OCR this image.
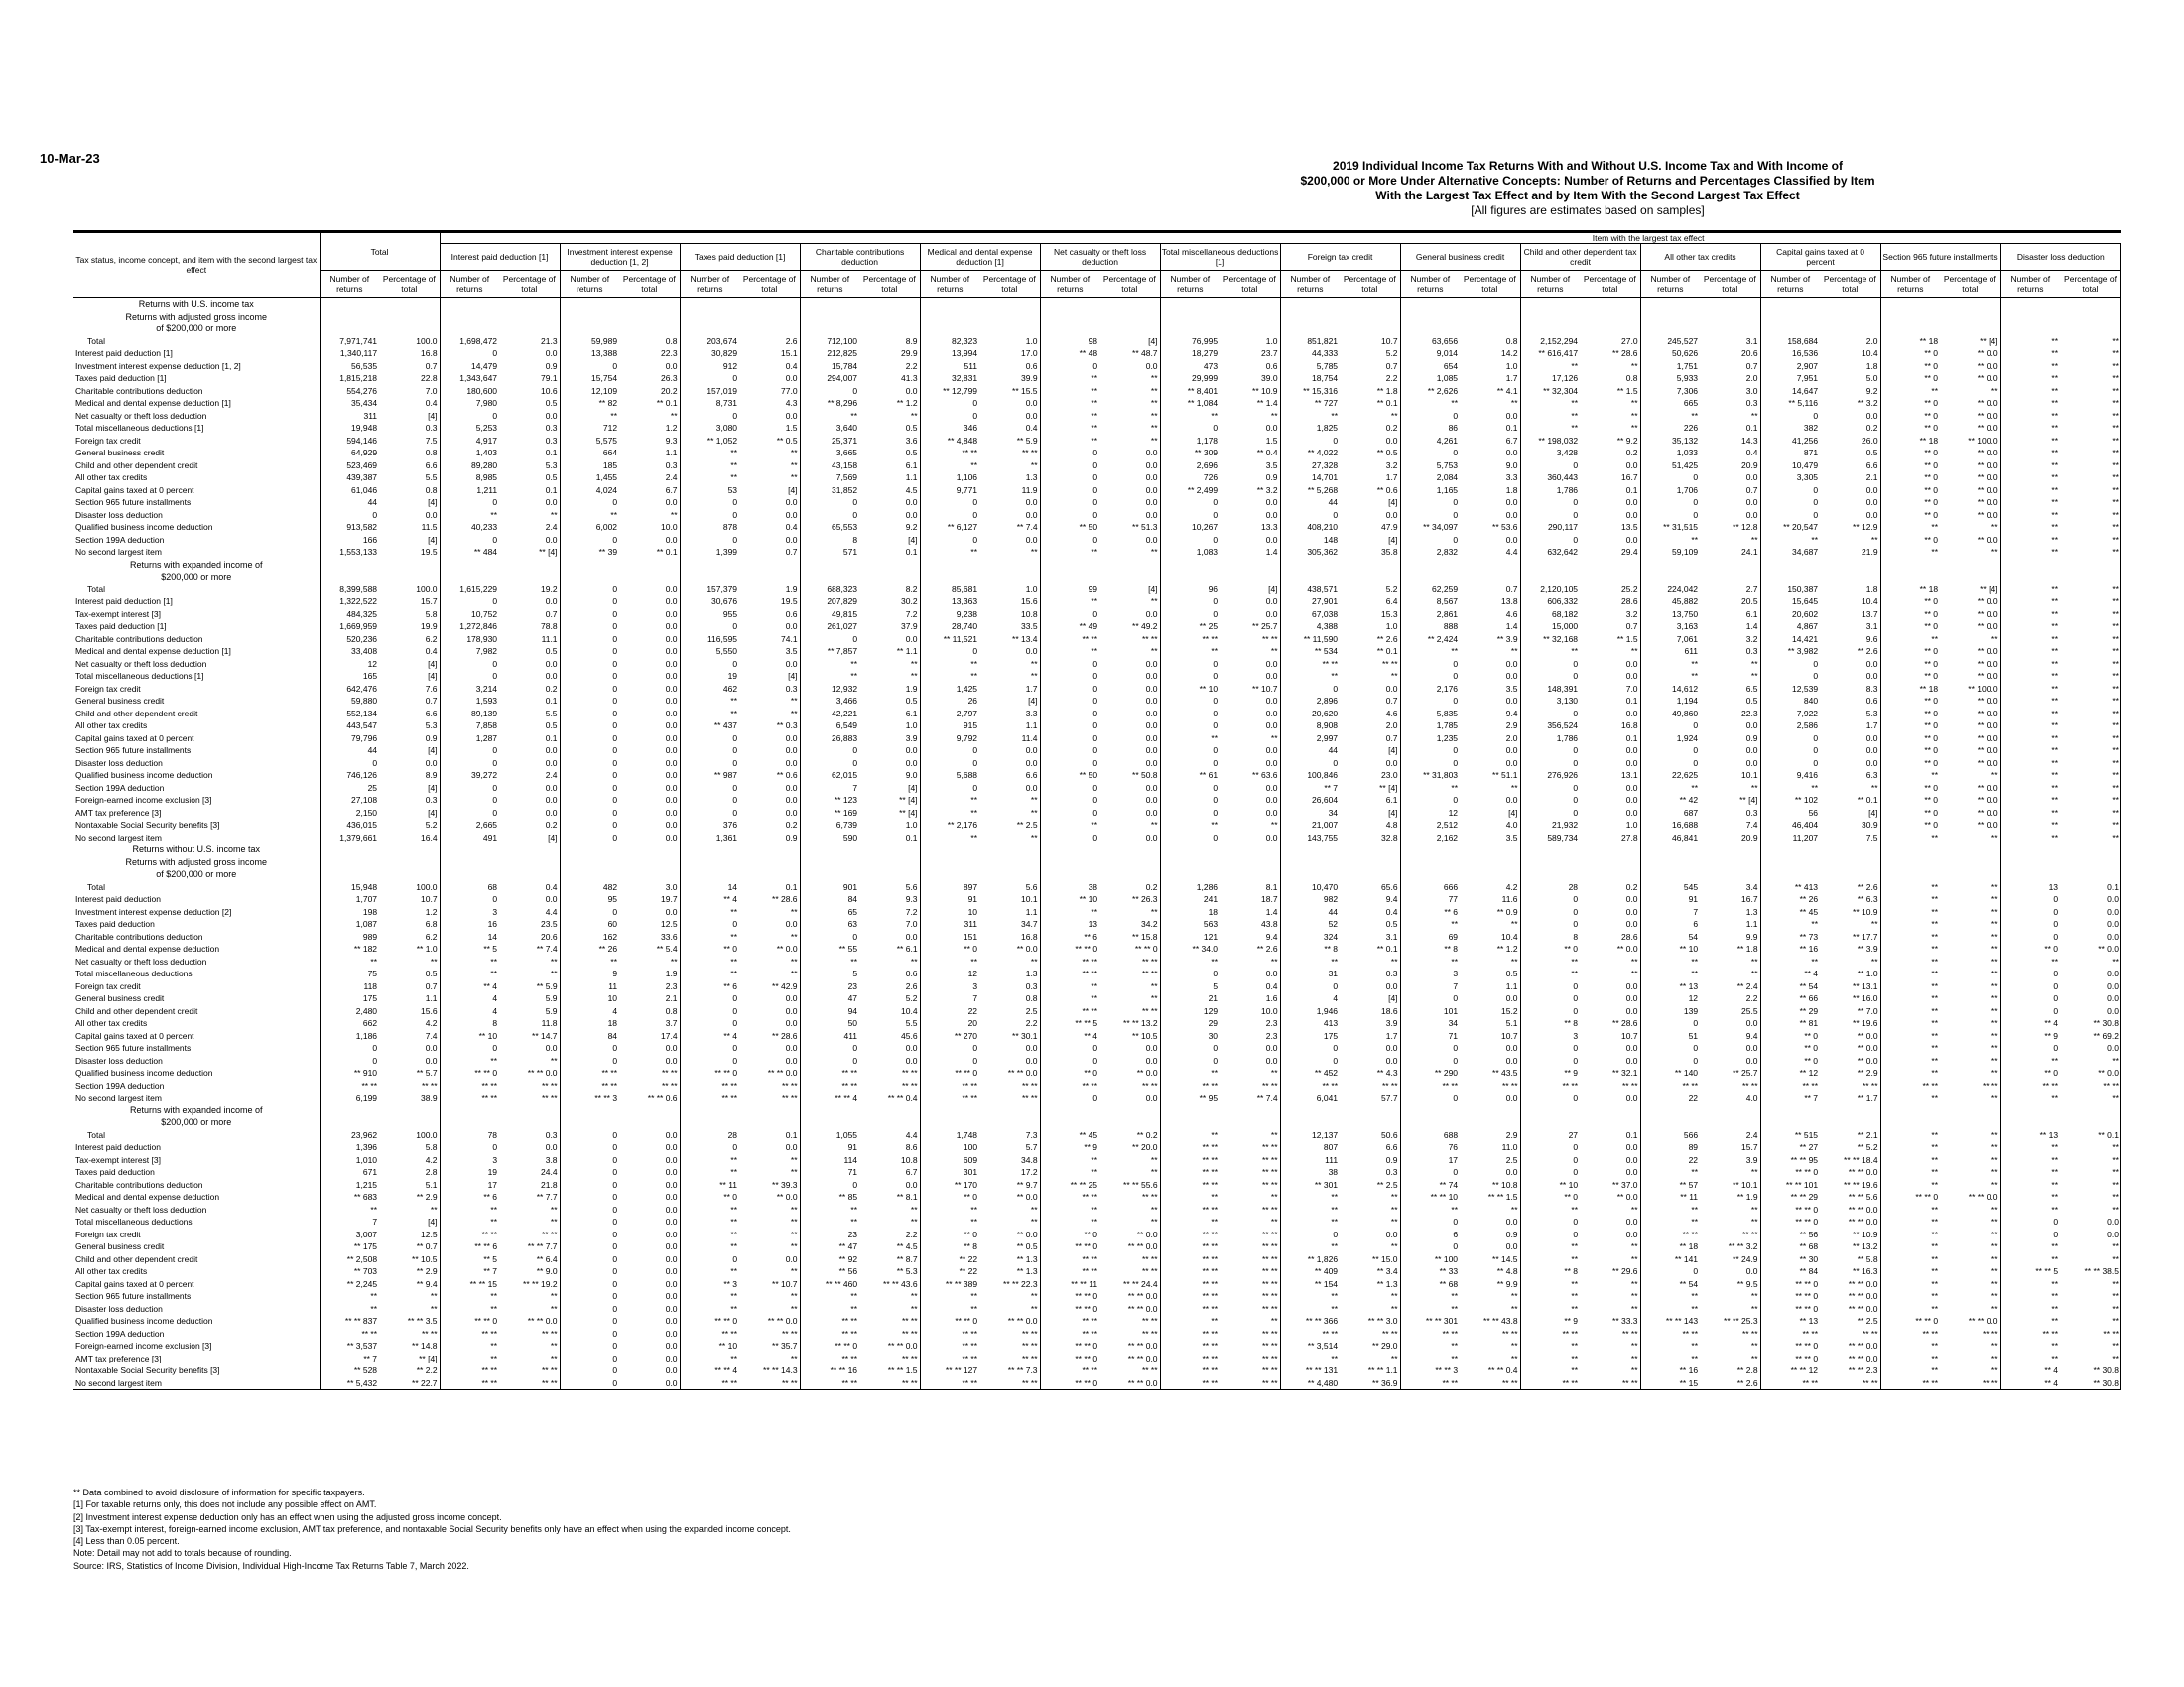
10-Mar-23	2019 Individual Income Tax Returns With and Without U.S. Income Tax and With Income of
$200,000 or More Under Alternative Concepts: Number of Returns and Percentages Classified by Item
With the Largest Tax Effect and by Item With the Second Largest Tax Effect
[All figures are estimates based on samples]
Tax status, income concept, and item with the second largest tax effect	Total		Item with the largest tax effect																											
			Interest paid deduction [1]		Investment interest expense deduction [1, 2]		Taxes paid deduction [1]		Charitable contributions deduction		Medical and dental expense deduction [1]		Net casualty or theft loss deduction		Total miscellaneous deductions [1]		Foreign tax credit		General business credit		Child and other dependent tax credit		All other tax credits		Capital gains taxed at 0 percent		Section 965 future installments		Disaster loss deduction	
	Number of returns	Percentage of total	Number of returns	Percentage of total	Number of returns	Percentage of total	Number of returns	Percentage of total	Number of returns	Percentage of total	Number of returns	Percentage of total	Number of returns	Percentage of total	Number of returns	Percentage of total	Number of returns	Percentage of total	Number of returns	Percentage of total	Number of returns	Percentage of total	Number of returns	Percentage of total	Number of returns	Percentage of total	Number of returns	Percentage of total	Number of returns	Percentage of total
Returns with U.S. income tax																														
Returns with adjusted gross income																														
of $200,000 or more																														
Total	7,971,741	100.0	1,698,472	21.3	59,989	0.8	203,674	2.6	712,100	8.9	82,323	1.0	98	[4]	76,995	1.0	851,821	10.7	63,656	0.8	2,152,294	27.0	245,527	3.1	158,684	2.0	** 18	** [4]	**	**
Interest paid deduction [1]	1,340,117	16.8	0	0.0	13,388	22.3	30,829	15.1	212,825	29.9	13,994	17.0	** 48	** 48.7	18,279	23.7	44,333	5.2	9,014	14.2	** 616,417	** 28.6	50,626	20.6	16,536	10.4	** 0	** 0.0	**	**
Investment interest expense deduction [1, 2]	56,535	0.7	14,479	0.9	0	0.0	912	0.4	15,784	2.2	511	0.6	0	0.0	473	0.6	5,785	0.7	654	1.0	**	**	1,751	0.7	2,907	1.8	** 0	** 0.0	**	**
Taxes paid deduction [1]	1,815,218	22.8	1,343,647	79.1	15,754	26.3	0	0.0	294,007	41.3	32,831	39.9	**	**	29,999	39.0	18,754	2.2	1,085	1.7	17,126	0.8	5,933	2.0	7,951	5.0	** 0	** 0.0	**	**
Charitable contributions deduction	554,276	7.0	180,600	10.6	12,109	20.2	157,019	77.0	0	0.0	** 12,799	** 15.5	**	**	** 8,401	** 10.9	** 15,316	** 1.8	** 2,626	** 4.1	** 32,304	** 1.5	7,306	3.0	14,647	9.2	**	**	**	**
Medical and dental expense deduction [1]	35,434	0.4	7,980	0.5	** 82	** 0.1	8,731	4.3	** 8,296	** 1.2	0	0.0	**	**	** 1,084	** 1.4	** 727	** 0.1	**	**	**	**	665	0.3	** 5,116	** 3.2	** 0	** 0.0	**	**
Net casualty or theft loss deduction	311	[4]	0	0.0	**	**	0	0.0	**	**	0	0.0	**	**	**	**	**	**	0	0.0	**	**	**	**	0	0.0	** 0	** 0.0	**	**
Total miscellaneous deductions [1]	19,948	0.3	5,253	0.3	712	1.2	3,080	1.5	3,640	0.5	346	0.4	**	**	0	0.0	1,825	0.2	86	0.1	**	**	226	0.1	382	0.2	** 0	** 0.0	**	**
Foreign tax credit	594,146	7.5	4,917	0.3	5,575	9.3	** 1,052	** 0.5	25,371	3.6	** 4,848	** 5.9	**	**	1,178	1.5	0	0.0	4,261	6.7	** 198,032	** 9.2	35,132	14.3	41,256	26.0	** 18	** 100.0	**	**
General business credit	64,929	0.8	1,403	0.1	664	1.1	**	**	3,665	0.5	** **	** **	0	0.0	** 309	** 0.4	** 4,022	** 0.5	0	0.0	3,428	0.2	1,033	0.4	871	0.5	** 0	** 0.0	**	**
Child and other dependent credit	523,469	6.6	89,280	5.3	185	0.3	**	**	43,158	6.1	**	**	0	0.0	2,696	3.5	27,328	3.2	5,753	9.0	0	0.0	51,425	20.9	10,479	6.6	** 0	** 0.0	**	**
All other tax credits	439,387	5.5	8,985	0.5	1,455	2.4	**	**	7,569	1.1	1,106	1.3	0	0.0	726	0.9	14,701	1.7	2,084	3.3	360,443	16.7	0	0.0	3,305	2.1	** 0	** 0.0	**	**
Capital gains taxed at 0 percent	61,046	0.8	1,211	0.1	4,024	6.7	53	[4]	31,852	4.5	9,771	11.9	0	0.0	** 2,499	** 3.2	** 5,268	** 0.6	1,165	1.8	1,786	0.1	1,706	0.7	0	0.0	** 0	** 0.0	**	**
Section 965 future installments	44	[4]	0	0.0	0	0.0	0	0.0	0	0.0	0	0.0	0	0.0	0	0.0	44	[4]	0	0.0	0	0.0	0	0.0	0	0.0	** 0	** 0.0	**	**
Disaster loss deduction	0	0.0	**	**	**	**	0	0.0	0	0.0	0	0.0	0	0.0	0	0.0	0	0.0	0	0.0	0	0.0	0	0.0	0	0.0	** 0	** 0.0	**	**
Qualified business income deduction	913,582	11.5	40,233	2.4	6,002	10.0	878	0.4	65,553	9.2	** 6,127	** 7.4	** 50	** 51.3	10,267	13.3	408,210	47.9	** 34,097	** 53.6	290,117	13.5	** 31,515	** 12.8	** 20,547	** 12.9	**	**	**	**
Section 199A deduction	166	[4]	0	0.0	0	0.0	0	0.0	8	[4]	0	0.0	0	0.0	0	0.0	148	[4]	0	0.0	0	0.0	**	**	**	**	** 0	** 0.0	**	**
No second largest item	1,553,133	19.5	** 484	** [4]	** 39	** 0.1	1,399	0.7	571	0.1	**	**	**	**	1,083	1.4	305,362	35.8	2,832	4.4	632,642	29.4	59,109	24.1	34,687	21.9	**	**	**	**
Returns with expanded income of																														
$200,000 or more																														
Total	8,399,588	100.0	1,615,229	19.2	0	0.0	157,379	1.9	688,323	8.2	85,681	1.0	99	[4]	96	[4]	438,571	5.2	62,259	0.7	2,120,105	25.2	224,042	2.7	150,387	1.8	** 18	** [4]	**	**
Interest paid deduction [1]	1,322,522	15.7	0	0.0	0	0.0	30,676	19.5	207,829	30.2	13,363	15.6	**	**	0	0.0	27,901	6.4	8,567	13.8	606,332	28.6	45,882	20.5	15,645	10.4	** 0	** 0.0	**	**
Tax-exempt interest [3]	484,325	5.8	10,752	0.7	0	0.0	955	0.6	49,815	7.2	9,238	10.8	0	0.0	0	0.0	67,038	15.3	2,861	4.6	68,182	3.2	13,750	6.1	20,602	13.7	** 0	** 0.0	**	**
Taxes paid deduction [1]	1,669,959	19.9	1,272,846	78.8	0	0.0	0	0.0	261,027	37.9	28,740	33.5	** 49	** 49.2	** 25	** 25.7	4,388	1.0	888	1.4	15,000	0.7	3,163	1.4	4,867	3.1	** 0	** 0.0	**	**
Charitable contributions deduction	520,236	6.2	178,930	11.1	0	0.0	116,595	74.1	0	0.0	** 11,521	** 13.4	** **	** **	** **	** **	** 11,590	** 2.6	** 2,424	** 3.9	** 32,168	** 1.5	7,061	3.2	14,421	9.6	**	**	**	**
Medical and dental expense deduction [1]	33,408	0.4	7,982	0.5	0	0.0	5,550	3.5	** 7,857	** 1.1	0	0.0	**	**	**	**	** 534	** 0.1	**	**	**	**	611	0.3	** 3,982	** 2.6	** 0	** 0.0	**	**
Net casualty or theft loss deduction	12	[4]	0	0.0	0	0.0	0	0.0	**	**	**	**	0	0.0	0	0.0	** **	** **	0	0.0	0	0.0	**	**	0	0.0	** 0	** 0.0	**	**
Total miscellaneous deductions [1]	165	[4]	0	0.0	0	0.0	19	[4]	**	**	**	**	0	0.0	0	0.0	**	**	0	0.0	0	0.0	**	**	0	0.0	** 0	** 0.0	**	**
Foreign tax credit	642,476	7.6	3,214	0.2	0	0.0	462	0.3	12,932	1.9	1,425	1.7	0	0.0	** 10	** 10.7	0	0.0	2,176	3.5	148,391	7.0	14,612	6.5	12,539	8.3	** 18	** 100.0	**	**
General business credit	59,880	0.7	1,593	0.1	0	0.0	**	**	3,466	0.5	26	[4]	0	0.0	0	0.0	2,896	0.7	0	0.0	3,130	0.1	1,194	0.5	840	0.6	** 0	** 0.0	**	**
Child and other dependent credit	552,134	6.6	89,139	5.5	0	0.0	**	**	42,221	6.1	2,797	3.3	0	0.0	0	0.0	20,620	4.6	5,835	9.4	0	0.0	49,860	22.3	7,922	5.3	** 0	** 0.0	**	**
All other tax credits	443,547	5.3	7,858	0.5	0	0.0	** 437	** 0.3	6,549	1.0	915	1.1	0	0.0	0	0.0	8,908	2.0	1,785	2.9	356,524	16.8	0	0.0	2,586	1.7	** 0	** 0.0	**	**
Capital gains taxed at 0 percent	79,796	0.9	1,287	0.1	0	0.0	0	0.0	26,883	3.9	9,792	11.4	0	0.0	**	**	2,997	0.7	1,235	2.0	1,786	0.1	1,924	0.9	0	0.0	** 0	** 0.0	**	**
Section 965 future installments	44	[4]	0	0.0	0	0.0	0	0.0	0	0.0	0	0.0	0	0.0	0	0.0	44	[4]	0	0.0	0	0.0	0	0.0	0	0.0	** 0	** 0.0	**	**
Disaster loss deduction	0	0.0	0	0.0	0	0.0	0	0.0	0	0.0	0	0.0	0	0.0	0	0.0	0	0.0	0	0.0	0	0.0	0	0.0	0	0.0	** 0	** 0.0	**	**
Qualified business income deduction	746,126	8.9	39,272	2.4	0	0.0	** 987	** 0.6	62,015	9.0	5,688	6.6	** 50	** 50.8	** 61	** 63.6	100,846	23.0	** 31,803	** 51.1	276,926	13.1	22,625	10.1	9,416	6.3	**	**	**	**
Section 199A deduction	25	[4]	0	0.0	0	0.0	0	0.0	7	[4]	0	0.0	0	0.0	0	0.0	** 7	** [4]	**	**	0	0.0	**	**	**	**	** 0	** 0.0	**	**
Foreign-earned income exclusion [3]	27,108	0.3	0	0.0	0	0.0	0	0.0	** 123	** [4]	**	**	0	0.0	0	0.0	26,604	6.1	0	0.0	0	0.0	** 42	** [4]	** 102	** 0.1	** 0	** 0.0	**	**
AMT tax preference [3]	2,150	[4]	0	0.0	0	0.0	0	0.0	** 169	** [4]	**	**	0	0.0	0	0.0	34	[4]	12	[4]	0	0.0	687	0.3	56	[4]	** 0	** 0.0	**	**
Nontaxable Social Security benefits [3]	436,015	5.2	2,665	0.2	0	0.0	376	0.2	6,739	1.0	** 2,176	** 2.5	**	**	**	**	21,007	4.8	2,512	4.0	21,932	1.0	16,688	7.4	46,404	30.9	** 0	** 0.0	**	**
No second largest item	1,379,661	16.4	491	[4]	0	0.0	1,361	0.9	590	0.1	**	**	0	0.0	0	0.0	143,755	32.8	2,162	3.5	589,734	27.8	46,841	20.9	11,207	7.5	**	**	**	**
Returns without U.S. income tax																														
Returns with adjusted gross income																														
of $200,000 or more																														
Total	15,948	100.0	68	0.4	482	3.0	14	0.1	901	5.6	897	5.6	38	0.2	1,286	8.1	10,470	65.6	666	4.2	28	0.2	545	3.4	** 413	** 2.6	**	**	13	0.1
Interest paid deduction	1,707	10.7	0	0.0	95	19.7	** 4	** 28.6	84	9.3	91	10.1	** 10	** 26.3	241	18.7	982	9.4	77	11.6	0	0.0	91	16.7	** 26	** 6.3	**	**	0	0.0
Investment interest expense deduction [2]	198	1.2	3	4.4	0	0.0	**	**	65	7.2	10	1.1	**	**	18	1.4	44	0.4	** 6	** 0.9	0	0.0	7	1.3	** 45	** 10.9	**	**	0	0.0
Taxes paid deduction	1,087	6.8	16	23.5	60	12.5	0	0.0	63	7.0	311	34.7	13	34.2	563	43.8	52	0.5	**	**	0	0.0	6	1.1	**	**	**	**	0	0.0
Charitable contributions deduction	989	6.2	14	20.6	162	33.6	**	**	0	0.0	151	16.8	** 6	** 15.8	121	9.4	324	3.1	69	10.4	8	28.6	54	9.9	** 73	** 17.7	**	**	0	0.0
Medical and dental expense deduction	** 182	** 1.0	** 5	** 7.4	** 26	** 5.4	** 0	** 0.0	** 55	** 6.1	** 0	** 0.0	** ** 0	** ** 0	** 34.0	** 2.6	** 8	** 0.1	** 8	** 1.2	** 0	** 0.0	** 10	** 1.8	** 16	** 3.9	**	**	** 0	** 0.0
Net casualty or theft loss deduction	**	**	**	**	**	**	**	**	**	**	**	**	** **	** **	**	**	**	**	**	**	**	**	**	**	**	**	**	**	**	**
Total miscellaneous deductions	75	0.5	**	**	9	1.9	**	**	5	0.6	12	1.3	** **	** **	0	0.0	31	0.3	3	0.5	**	**	**	**	** 4	** 1.0	**	**	0	0.0
Foreign tax credit	118	0.7	** 4	** 5.9	11	2.3	** 6	** 42.9	23	2.6	3	0.3	**	**	5	0.4	0	0.0	7	1.1	0	0.0	** 13	** 2.4	** 54	** 13.1	**	**	0	0.0
General business credit	175	1.1	4	5.9	10	2.1	0	0.0	47	5.2	7	0.8	**	**	21	1.6	4	[4]	0	0.0	0	0.0	12	2.2	** 66	** 16.0	**	**	0	0.0
Child and other dependent credit	2,480	15.6	4	5.9	4	0.8	0	0.0	94	10.4	22	2.5	** **	** **	129	10.0	1,946	18.6	101	15.2	0	0.0	139	25.5	** 29	** 7.0	**	**	0	0.0
All other tax credits	662	4.2	8	11.8	18	3.7	0	0.0	50	5.5	20	2.2	** ** 5	** ** 13.2	29	2.3	413	3.9	34	5.1	** 8	** 28.6	0	0.0	** 81	** 19.6	**	**	** 4	** 30.8
Capital gains taxed at 0 percent	1,186	7.4	** 10	** 14.7	84	17.4	** 4	** 28.6	411	45.6	** 270	** 30.1	** 4	** 10.5	30	2.3	175	1.7	71	10.7	3	10.7	51	9.4	** 0	** 0.0	**	**	** 9	** 69.2
Section 965 future installments	0	0.0	0	0.0	0	0.0	0	0.0	0	0.0	0	0.0	0	0.0	0	0.0	0	0.0	0	0.0	0	0.0	0	0.0	** 0	** 0.0	**	**	0	0.0
Disaster loss deduction	0	0.0	**	**	0	0.0	0	0.0	0	0.0	0	0.0	0	0.0	0	0.0	0	0.0	0	0.0	0	0.0	0	0.0	** 0	** 0.0	**	**	**	**
Qualified business income deduction	** 910	** 5.7	** ** 0	** ** 0.0	** **	** **	** ** 0	** ** 0.0	** **	** **	** ** 0	** ** 0.0	** 0	** 0.0	**	**	** 452	** 4.3	** 290	** 43.5	** 9	** 32.1	** 140	** 25.7	** 12	** 2.9	**	**	** 0	** 0.0
Section 199A deduction	** **	** **	** **	** **	** **	** **	** **	** **	** **	** **	** **	** **	** **	** **	** **	** **	** **	** **	** **	** **	** **	** **	** **	** **	** **	** **	** **	** **	** **	** **
No second largest item	6,199	38.9	** **	** **	** ** 3	** ** 0.6	** **	** **	** ** 4	** ** 0.4	** **	** **	0	0.0	** 95	** 7.4	6,041	57.7	0	0.0	0	0.0	22	4.0	** 7	** 1.7	**	**	**	**
Returns with expanded income of																														
$200,000 or more																														
Total	23,962	100.0	78	0.3	0	0.0	28	0.1	1,055	4.4	1,748	7.3	** 45	** 0.2	**	**	12,137	50.6	688	2.9	27	0.1	566	2.4	** 515	** 2.1	**	**	** 13	** 0.1
Interest paid deduction	1,396	5.8	0	0.0	0	0.0	0	0.0	91	8.6	100	5.7	** 9	** 20.0	** **	** **	807	6.6	76	11.0	0	0.0	89	15.7	** 27	** 5.2	**	**	**	**
Tax-exempt interest [3]	1,010	4.2	3	3.8	0	0.0	**	**	114	10.8	609	34.8	**	**	** **	** **	111	0.9	17	2.5	0	0.0	22	3.9	** ** 95	** ** 18.4	**	**	**	**
Taxes paid deduction	671	2.8	19	24.4	0	0.0	**	**	71	6.7	301	17.2	**	**	** **	** **	38	0.3	0	0.0	0	0.0	**	**	** ** 0	** ** 0.0	**	**	**	**
Charitable contributions deduction	1,215	5.1	17	21.8	0	0.0	** 11	** 39.3	0	0.0	** 170	** 9.7	** ** 25	** ** 55.6	** **	** **	** 301	** 2.5	** 74	** 10.8	** 10	** 37.0	** 57	** 10.1	** ** 101	** ** 19.6	**	**	**	**
Medical and dental expense deduction	** 683	** 2.9	** 6	** 7.7	0	0.0	** 0	** 0.0	** 85	** 8.1	** 0	** 0.0	** **	** **	**	**	**	**	** ** 10	** ** 1.5	** 0	** 0.0	** 11	** 1.9	** ** 29	** ** 5.6	** ** 0	** ** 0.0	**	**
Net casualty or theft loss deduction	**	**	**	**	0	0.0	**	**	**	**	**	**	**	**	** **	** **	**	**	**	**	**	**	**	**	** ** 0	** ** 0.0	**	**	**	**
Total miscellaneous deductions	7	[4]	**	**	0	0.0	**	**	**	**	**	**	**	**	**	**	**	**	0	0.0	0	0.0	**	**	** ** 0	** ** 0.0	**	**	0	0.0
Foreign tax credit	3,007	12.5	** **	** **	0	0.0	**	**	23	2.2	** 0	** 0.0	** 0	** 0.0	** **	** **	0	0.0	6	0.9	0	0.0	** **	** **	** 56	** 10.9	**	**	0	0.0
General business credit	** 175	** 0.7	** ** 6	** ** 7.7	0	0.0	**	**	** 47	** 4.5	** 8	** 0.5	** ** 0	** ** 0.0	** **	** **	**	**	0	0.0	**	**	** 18	** ** 3.2	** 68	** 13.2	**	**	**	**
Child and other dependent credit	** 2,508	** 10.5	** 5	** 6.4	0	0.0	0	0.0	** 92	** 8.7	** 22	** 1.3	** **	** **	** **	** **	** 1,826	** 15.0	** 100	** 14.5	**	**	** 141	** 24.9	** 30	** 5.8	**	**	**	**
All other tax credits	** 703	** 2.9	** 7	** 9.0	0	0.0	**	**	** 56	** 5.3	** 22	** 1.3	** **	** **	** **	** **	** 409	** 3.4	** 33	** 4.8	** 8	** 29.6	0	0.0	** 84	** 16.3	**	**	** ** 5	** ** 38.5
Capital gains taxed at 0 percent	** 2,245	** 9.4	** ** 15	** ** 19.2	0	0.0	** 3	** 10.7	** ** 460	** ** 43.6	** ** 389	** ** 22.3	** ** 11	** ** 24.4	** **	** **	** 154	** 1.3	** 68	** 9.9	**	**	** 54	** 9.5	** ** 0	** ** 0.0	**	**	**	**
Section 965 future installments	**	**	**	**	0	0.0	**	**	**	**	**	**	** ** 0	** ** 0.0	** **	** **	**	**	**	**	**	**	**	**	** ** 0	** ** 0.0	**	**	**	**
Disaster loss deduction	**	**	**	**	0	0.0	**	**	**	**	**	**	** ** 0	** ** 0.0	** **	** **	**	**	**	**	**	**	**	**	** ** 0	** ** 0.0	**	**	**	**
Qualified business income deduction	** ** 837	** ** 3.5	** ** 0	** ** 0.0	0	0.0	** ** 0	** ** 0.0	** **	** **	** ** 0	** ** 0.0	** **	** **	**	**	** ** 366	** ** 3.0	** ** 301	** ** 43.8	** 9	** 33.3	** ** 143	** ** 25.3	** 13	** 2.5	** ** 0	** ** 0.0	**	**
Section 199A deduction	** **	** **	** **	** **	0	0.0	** **	** **	** **	** **	** **	** **	** **	** **	** **	** **	** **	** **	** **	** **	** **	** **	** **	** **	** **	** **	** **	** **	** **	** **
Foreign-earned income exclusion [3]	** 3,537	** 14.8	**	**	0	0.0	** 10	** 35.7	** ** 0	** ** 0.0	** **	** **	** ** 0	** ** 0.0	** **	** **	** 3,514	** 29.0	**	**	**	**	**	**	** ** 0	** ** 0.0	**	**	**	**
AMT tax preference [3]	** 7	** [4]	**	**	0	0.0	**	**	** **	** **	** **	** **	** ** 0	** ** 0.0	** **	** **	**	**	**	**	**	**	**	**	** ** 0	** ** 0.0	**	**	**	**
Nontaxable Social Security benefits [3]	** 528	** 2.2	** **	** **	0	0.0	** ** 4	** ** 14.3	** ** 16	** ** 1.5	** ** 127	** ** 7.3	** **	** **	** **	** **	** ** 131	** ** 1.1	** ** 3	** ** 0.4	**	**	** 16	** 2.8	** ** 12	** ** 2.3	**	**	** 4	** 30.8
No second largest item	** 5,432	** 22.7	** **	** **	0	0.0	** **	** **	** **	** **	** **	** **	** ** 0	** ** 0.0	** **	** **	** 4,480	** 36.9	** **	** **	** **	** **	** 15	** 2.6	** **	** **	** **	** **	** 4	** 30.8
** Data combined to avoid disclosure of information for specific taxpayers.
[1] For taxable returns only, this does not include any possible effect on AMT.
[2] Investment interest expense deduction only has an effect when using the adjusted gross income concept.
[3] Tax-exempt interest, foreign-earned income exclusion, AMT tax preference, and nontaxable Social Security benefits only have an effect when using the expanded income concept.
[4] Less than 0.05 percent.
Note: Detail may not add to totals because of rounding.
Source: IRS, Statistics of Income Division, Individual High-Income Tax Returns Table 7, March 2022.
